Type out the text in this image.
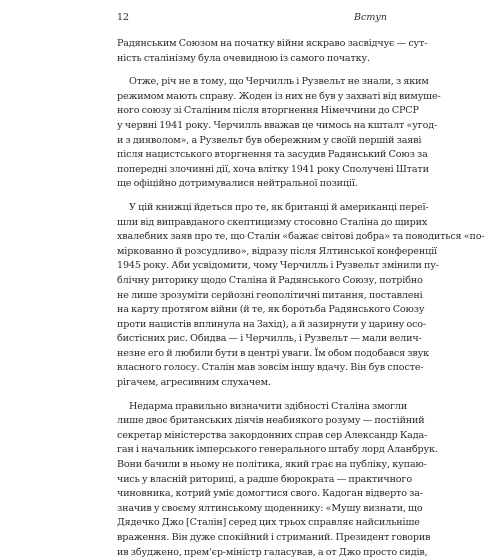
12	Вступ

Радянським Союзом на початку війни яскраво засвідчує — сут-
ність сталінізму була очевидною із самого початку.

Отже, річ не в тому, що Черчилль і Рузвельт не знали, з яким
режимом мають справу. Жоден із них не був у захваті від вимуше-
ного союзу зі Сталіним після вторгнення Німеччини до СРСР
у червні 1941 року. Черчилль вважав це чимось на кшталт «угод-
и з дияволом», а Рузвельт був обережним у своїй першій заяві
після нацистського вторгнення та засудив Радянський Союз за
попередні злочинні дії, хоча влітку 1941 року Сполучені Штати
ще офіційно дотримувалися нейтральної позиції.

У цій книжці йдеться про те, як британці й американці переї-
шли від виправданого скептицизму стосовно Сталіна до щирих
хвалебних заяв про те, що Сталін «бажає світові добра» та поводиться «по-
міркованно й розсудливо», відразу після Ялтинської конференції
1945 року. Аби усвідомити, чому Черчилль і Рузвельт змінили пу-
блічну риторику щодо Сталіна й Радянського Союзу, потрібно
не лише зрозуміти серйозні геополітичні питання, поставлені
на карту протягом війни (й те, як боротьба Радянського Союзу
проти нацистів вплинула на Захід), а й зазирнути у царину осо-
бистісних рис. Обидва — і Черчилль, і Рузвельт — мали велич-
незне его й любили бути в центрі уваги. Їм обом подобався звук
власного голосу. Сталін мав зовсім іншу вдачу. Він був спосте-
рігачем, агресивним слухачем.

Недарма правильно визначити здібності Сталіна змогли
лише двоє британських діячів неабиякого розуму — постійний
секретар міністерства закордонних справ сер Александр Када-
ган і начальник імперського генерального штабу лорд Аланбрук.
Вони бачили в ньому не політика, який грає на публіку, купаю-
чись у власній риториці, а радше бюрократа — практичного
чиновника, котрий уміє домогтися свого. Кадоган відверто за-
значив у своєму ялтинському щоденнику: «Мушу визнати, що
Дядечко Джо [Сталін] серед цих трьох справляє найсильніше
враження. Він дуже спокійний і стриманий. Президент говорив
ив збуджено, прем'єр-міністр галасував, а от Джо просто сидів,
